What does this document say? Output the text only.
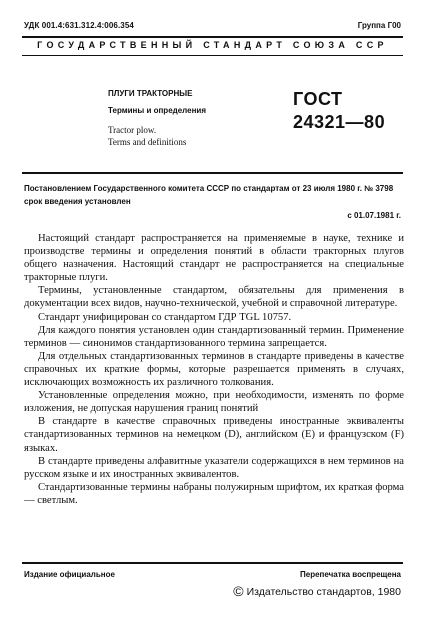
УДК 001.4:631.312.4:006.354	Группа Г00
ГОСУДАРСТВЕННЫЙ СТАНДАРТ СОЮЗА ССР
ПЛУГИ ТРАКТОРНЫЕ
Термины и определения
Tractor plow.
Terms and definitions
ГОСТ
24321—80
Постановлением Государственного комитета СССР по стандартам от 23 июля 1980 г. № 3798 срок введения установлен
с 01.07.1981 г.

Настоящий стандарт распространяется на применяемые в науке, технике и производстве термины и определения понятий в области тракторных плугов общего назначения. Настоящий стандарт не распространяется на специальные тракторные плуги.

Термины, установленные стандартом, обязательны для применения в документации всех видов, научно-технической, учебной и справочной литературе.

Стандарт унифицирован со стандартом ГДР TGL 10757.

Для каждого понятия установлен один стандартизованный термин. Применение терминов — синонимов стандартизованного термина запрещается.

Для отдельных стандартизованных терминов в стандарте приведены в качестве справочных их краткие формы, которые разрешается применять в случаях, исключающих возможность их различного толкования.

Установленные определения можно, при необходимости, изменять по форме изложения, не допуская нарушения границ понятий

В стандарте в качестве справочных приведены иностранные эквиваленты стандартизованных терминов на немецком (D), английском (E) и французском (F) языках.

В стандарте приведены алфавитные указатели содержащихся в нем терминов на русском языке и их иностранных эквивалентов.

Стандартизованные термины набраны полужирным шрифтом, их краткая форма — светлым.

Издание официальное	Перепечатка воспрещена
© Издательство стандартов, 1980
